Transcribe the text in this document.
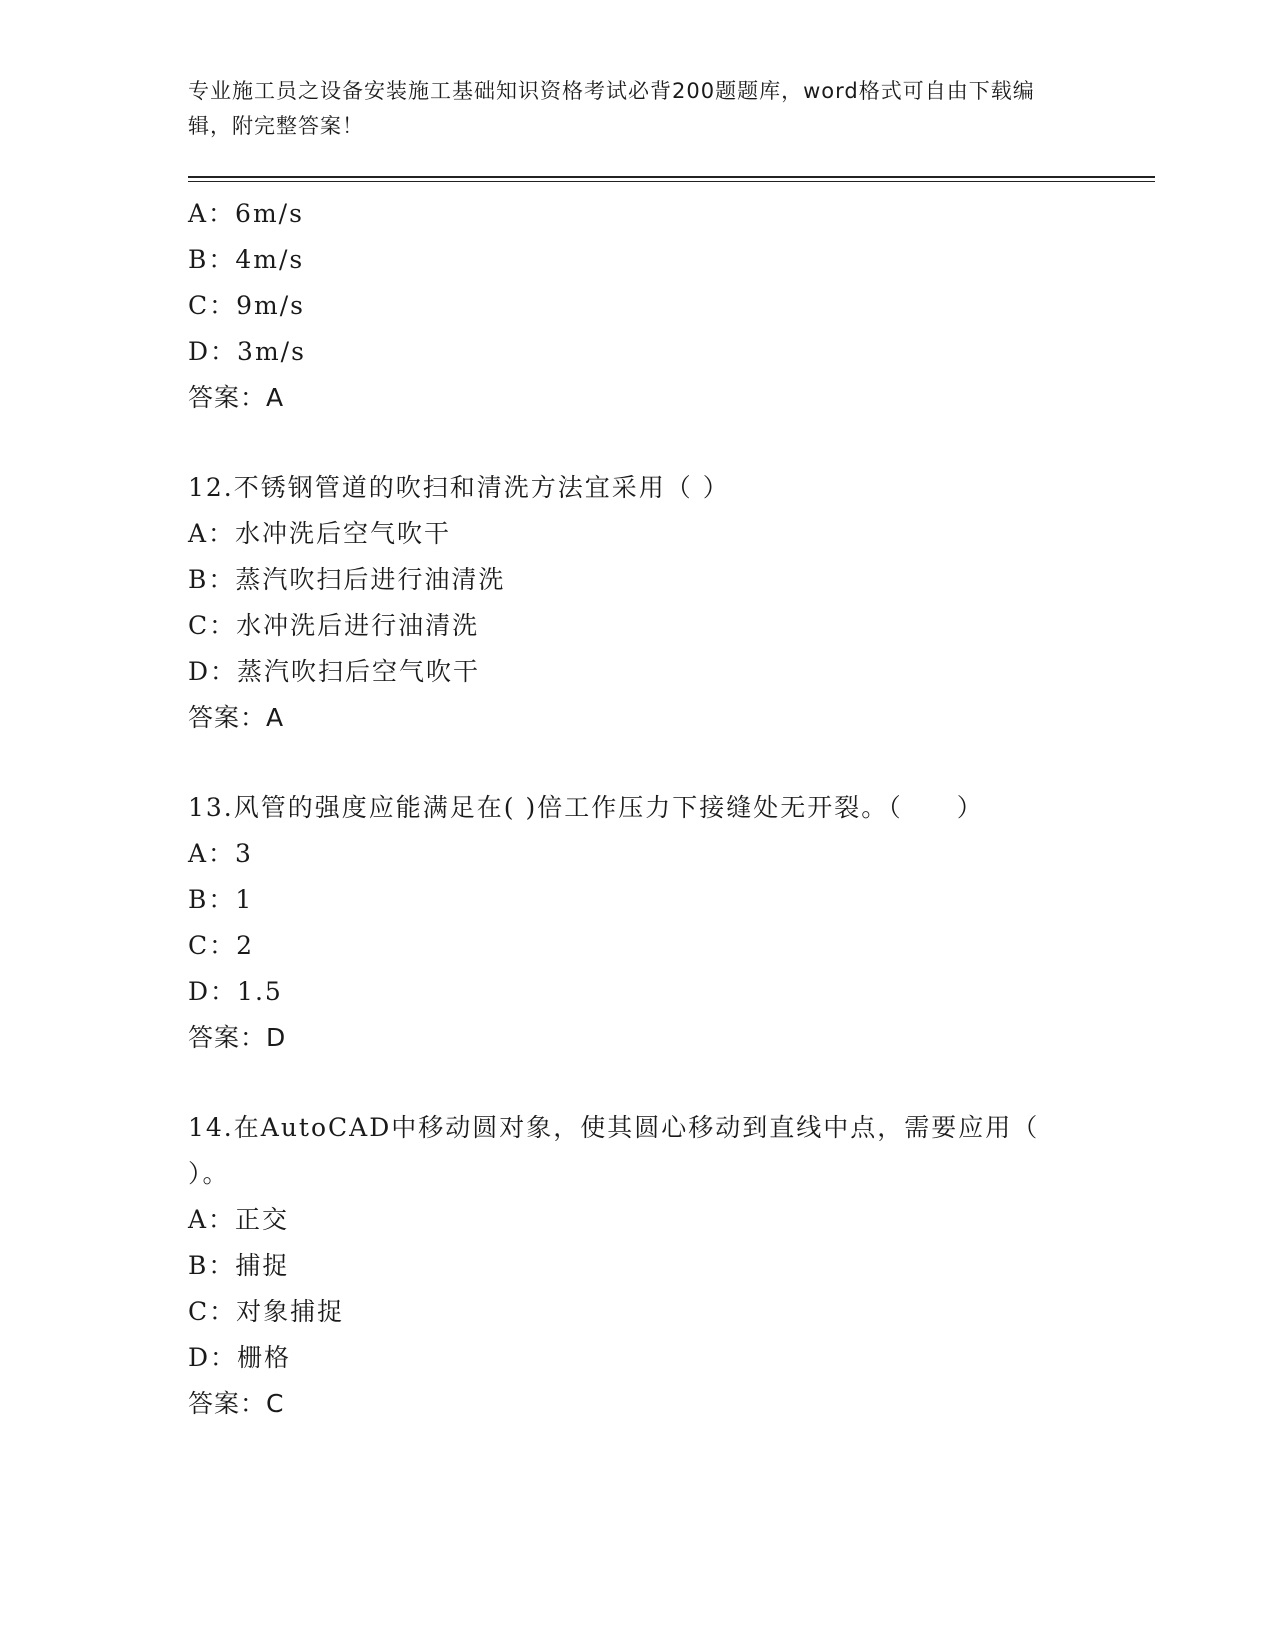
专业施工员之设备安装施工基础知识资格考试必背200题题库，word格式可自由下载编辑，附完整答案！
A：6m/s
B：4m/s
C：9m/s
D：3m/s
答案：A
12.不锈钢管道的吹扫和清洗方法宜采用（ ）
A：水冲洗后空气吹干
B：蒸汽吹扫后进行油清洗
C：水冲洗后进行油清洗
D：蒸汽吹扫后空气吹干
答案：A
13.风管的强度应能满足在( )倍工作压力下接缝处无开裂。（　　）
A：3
B：1
C：2
D：1.5
答案：D
14.在AutoCAD中移动圆对象，使其圆心移动到直线中点，需要应用（ ）。
A：正交
B：捕捉
C：对象捕捉
D：栅格
答案：C
